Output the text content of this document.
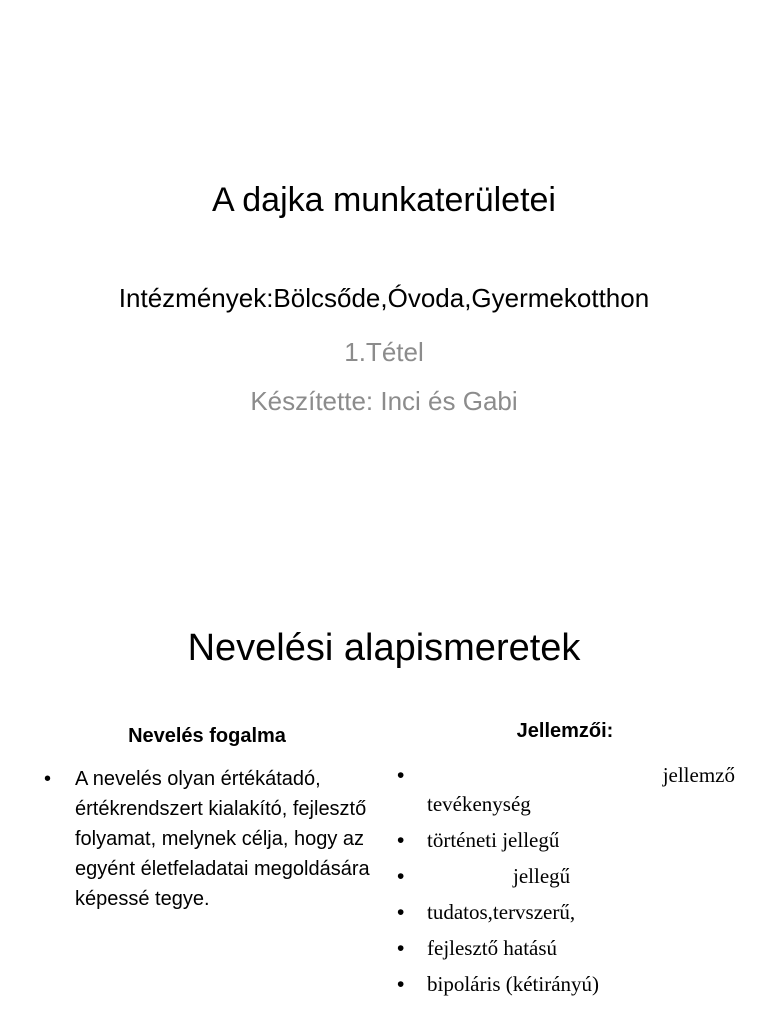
A dajka munkaterületei
Intézmények:Bölcsőde,Óvoda,Gyermekotthon
1.Tétel
Készítette: Inci és Gabi
Nevelési alapismeretek
Nevelés fogalma
• A nevelés olyan értékátadó, értékrendszert kialakító, fejlesztő folyamat, melynek célja, hogy az egyént életfeladatai megoldására képessé tegye.
Jellemzői:
•	jellemző
tevékenység
• történeti jellegű
•	jellegű
• tudatos,tervszerű,
• fejlesztő hatású
• bipoláris (kétirányú)
